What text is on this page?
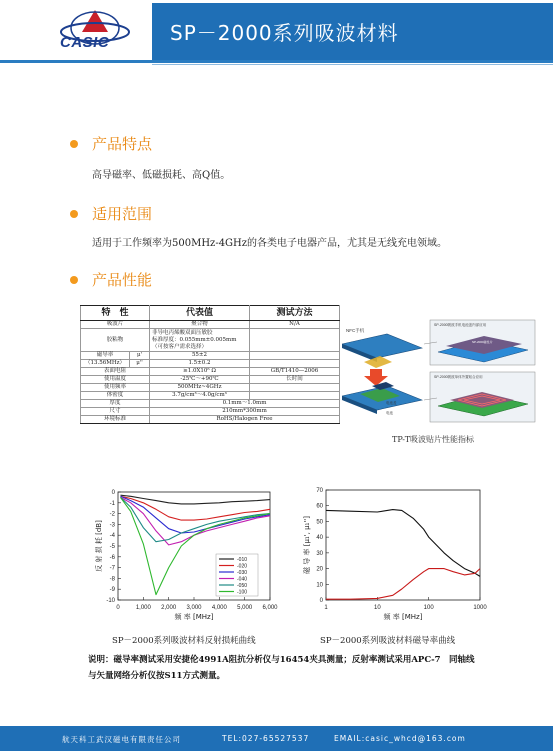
CASIC	SP－2000系列吸波材料
产品特点
高导磁率、低磁损耗、高Q值。
适用范围
适用于工作频率为500MHz-4GHz的各类电子电器产品，尤其是无线充电领域。
产品性能
特　性		代表值	测试方法
吸波片		聚合物	N/A
胶粘物		非导电丙烯酸双面压敏胶
标准厚度：0.055mm±0.005mm
（可按客户需求选择）	
磁导率	μ'	55±2	
（13.56MHz）	μ''	1.5±0.2	
表面电阻		≥1.0X10⁶ Ω	GB/T1410—2006
使用温度		-25℃～+90℃	长时间
使用频率		500MHz~4GHz	
体密度		3.7g/cm³～4.0g/cm³	
厚度		0.1mm～1.0mm	
尺寸		210mm*300mm	
环境标准		RoHS/Halogen Free	
NFC手机
电池盖
电池
SP-2000吸波手机电池盖内部应用
SP-2000磁性片
SP-2000吸波单体外置贴合应用
TP-T吸波贴片性能指标
0
-1
-2
-3
-4
-5
-6
-7
-8
-9
-10
0	1,000 2,000 3,000 4,000 5,000 6,000
频 率 [MHz]
反 射 损 耗 [dB]	-010
-020
-030
-040
-050
-100
SP－2000系列吸波材料反射损耗曲线
0
10
20
30
40
50
60
70
1	10	100	1000
频 率 [MHz]
磁 导 率 [μ₁', μ₁'']
SP－2000系列吸波材料磁导率曲线
说明：磁导率测试采用安捷伦4991A阻抗分析仪与16454夹具测量；反射率测试采用APC-7　同轴线
与矢量网络分析仪按S11方式测量。
航天科工武汉磁电有限责任公司	TEL:027-65527537	EMAIL:casic_whcd@163.com
